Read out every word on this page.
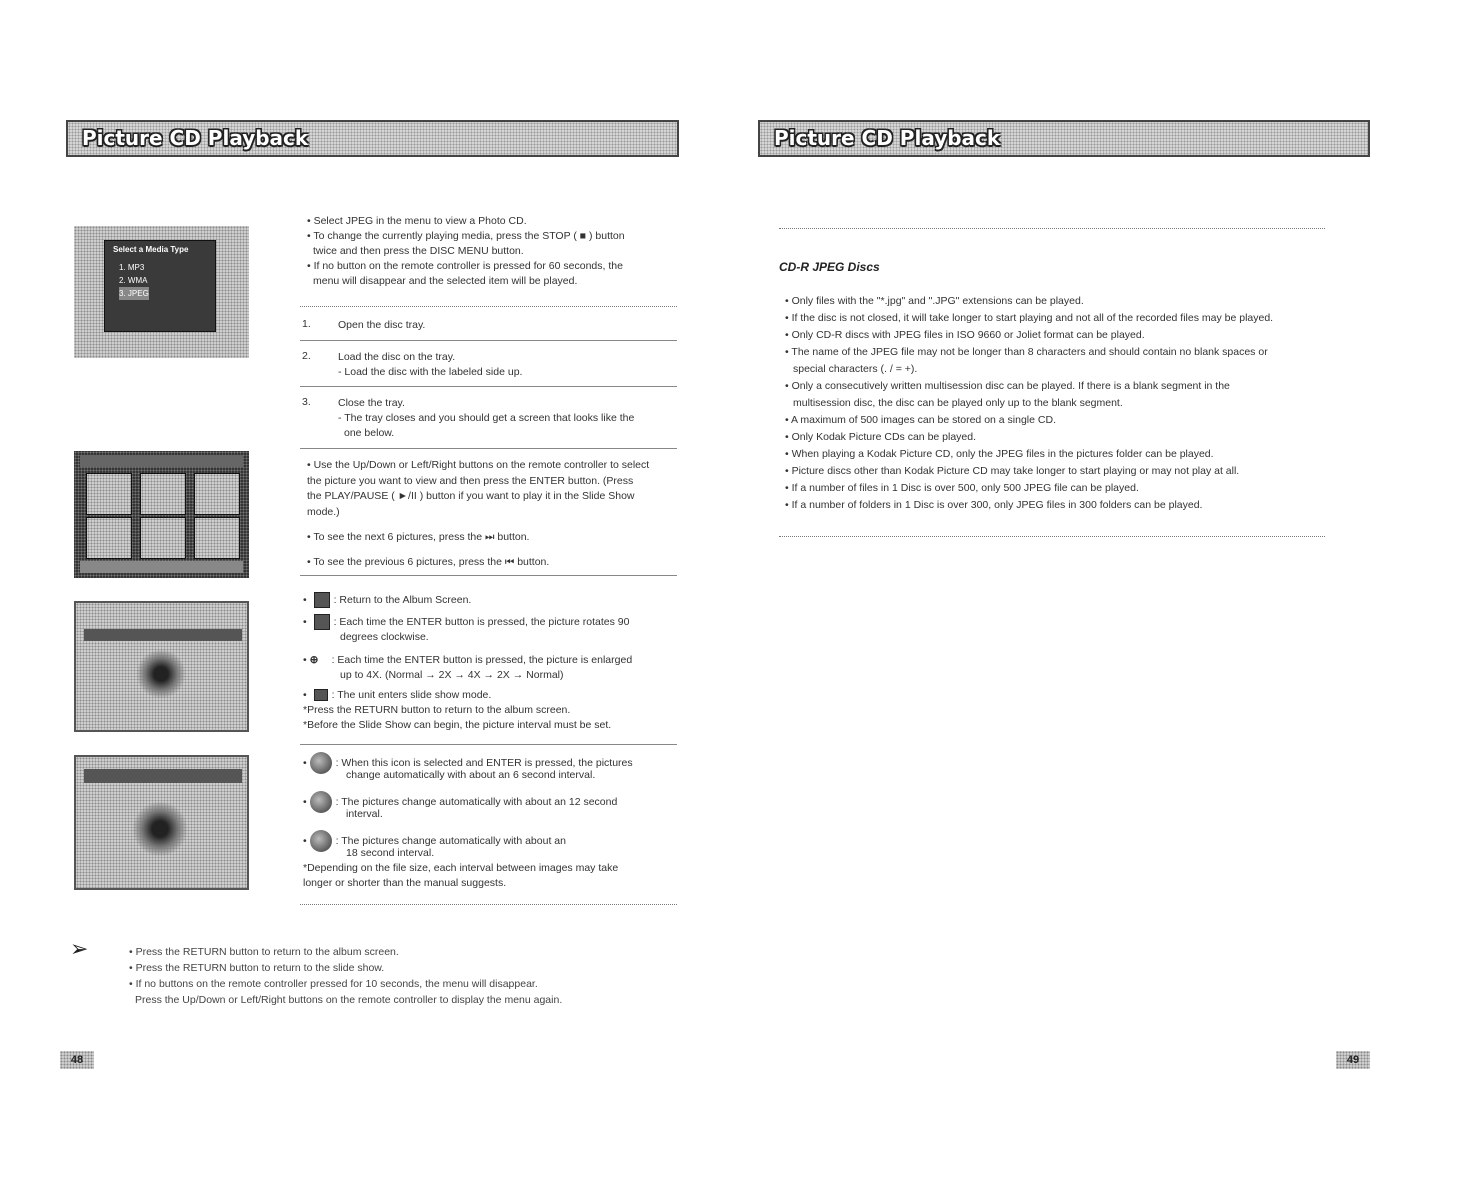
Picture CD Playback
Select a Media Type
1. MP3
2. WMA
3. JPEG
• Select JPEG in the menu to view a Photo CD.
• To change the currently playing media, press the STOP ( ■ ) button
twice and then press the DISC MENU button.
• If no button on the remote controller is pressed for 60 seconds, the
menu will disappear and the selected item will be played.
1.	Open the disc tray.
2.	Load the disc on the tray.
- Load the disc with the labeled side up.
3.	Close the tray.
- The tray closes and you should get a screen that looks like the
one below.
• Use the Up/Down or Left/Right buttons on the remote controller to select
the picture you want to view and then press the ENTER button. (Press
the PLAY/PAUSE ( ►/II ) button if you want to play it in the Slide Show
mode.)
• To see the next 6 pictures, press the ⏭ button.
• To see the previous 6 pictures, press the ⏮ button.
• : Return to the Album Screen.
• : Each time the ENTER button is pressed, the picture rotates 90
degrees clockwise.
• ⊕ : Each time the ENTER button is pressed, the picture is enlarged
up to 4X. (Normal → 2X → 4X → 2X → Normal)
• : The unit enters slide show mode.
*Press the RETURN button to return to the album screen.
*Before the Slide Show can begin, the picture interval must be set.
• : When this icon is selected and ENTER is pressed, the pictures
change automatically with about an 6 second interval.
• : The pictures change automatically with about an 12 second
interval.
• : The pictures change automatically with about an
18 second interval.
*Depending on the file size, each interval between images may take
longer or shorter than the manual suggests.
➢	• Press the RETURN button to return to the album screen.
• Press the RETURN button to return to the slide show.
• If no buttons on the remote controller pressed for 10 seconds, the menu will disappear.
Press the Up/Down or Left/Right buttons on the remote controller to display the menu again.
48
Picture CD Playback
CD-R JPEG Discs
• Only files with the "*.jpg" and ".JPG" extensions can be played.
• If the disc is not closed, it will take longer to start playing and not all of the recorded files may be played.
• Only CD-R discs with JPEG files in ISO 9660 or Joliet format can be played.
• The name of the JPEG file may not be longer than 8 characters and should contain no blank spaces or
special characters (. / = +).
• Only a consecutively written multisession disc can be played. If there is a blank segment in the
multisession disc, the disc can be played only up to the blank segment.
• A maximum of 500 images can be stored on a single CD.
• Only Kodak Picture CDs can be played.
• When playing a Kodak Picture CD, only the JPEG files in the pictures folder can be played.
• Picture discs other than Kodak Picture CD may take longer to start playing or may not play at all.
• If a number of files in 1 Disc is over 500, only 500 JPEG file can be played.
• If a number of folders in 1 Disc is over 300, only JPEG files in 300 folders can be played.
49
